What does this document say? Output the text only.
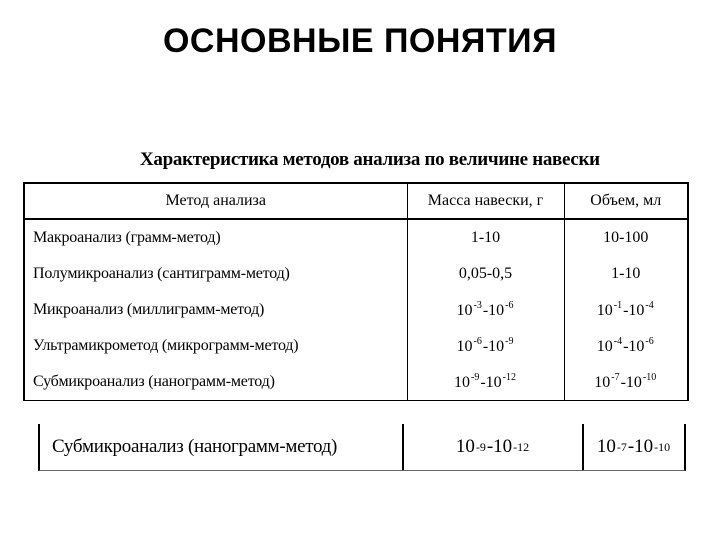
ОСНОВНЫЕ ПОНЯТИЯ
Характеристика методов анализа по величине навески
Метод анализа	Масса навески, г	Объем, мл
Макроанализ (грамм-метод)	1-10	10-100
Полумикроанализ (сантиграмм-метод)	0,05-0,5	1-10
Микроанализ (миллиграмм-метод)	$10^{-3}-10^{-6}$	$10^{-1}-10^{-4}$
Ультрамикрометод (микрограмм-метод)	$10^{-6}-10^{-9}$	$10^{-4}-10^{-6}$
Субмикроанализ (нанограмм-метод)	$10^{-9}-10^{-12}$	$10^{-7}-10^{-10}$
Субмикроанализ (нанограмм-метод)	10 -9 - 10 -12	10 -7 - 10 -10
